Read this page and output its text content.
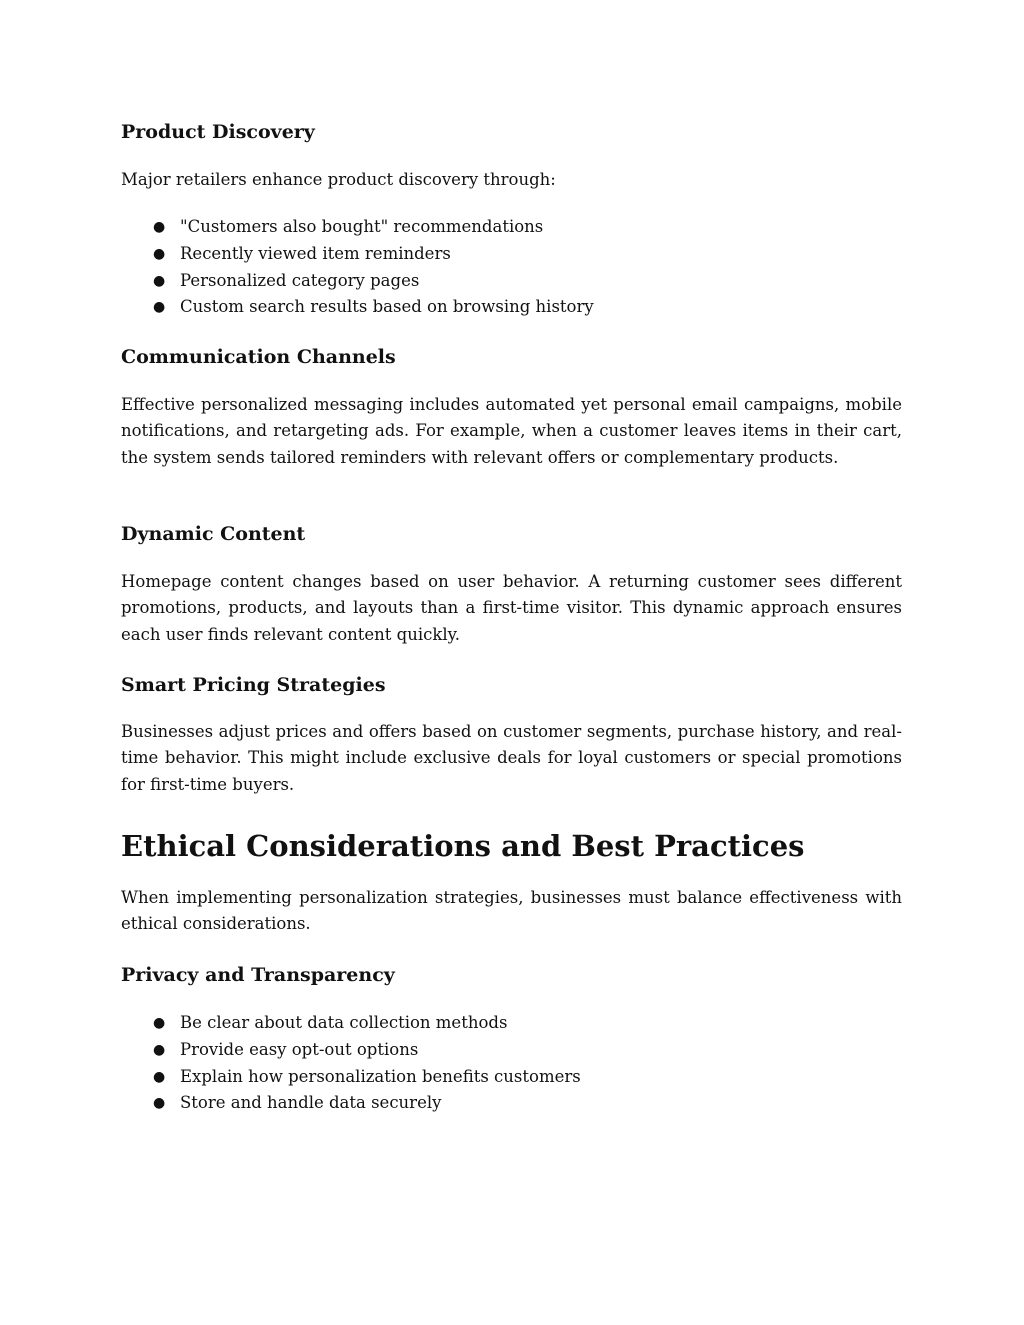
Product Discovery

Major retailers enhance product discovery through:

● "Customers also bought" recommendations
● Recently viewed item reminders
● Personalized category pages
● Custom search results based on browsing history
Communication Channels

Effective personalized messaging includes automated yet personal email campaigns, mobile notifications, and retargeting ads. For example, when a customer leaves items in their cart, the system sends tailored reminders with relevant offers or complementary products.

Dynamic Content

Homepage content changes based on user behavior. A returning customer sees different promotions, products, and layouts than a first-time visitor. This dynamic approach ensures each user finds relevant content quickly.

Smart Pricing Strategies

Businesses adjust prices and offers based on customer segments, purchase history, and real-time behavior. This might include exclusive deals for loyal customers or special promotions for first-time buyers.

Ethical Considerations and Best Practices

When implementing personalization strategies, businesses must balance effectiveness with ethical considerations.

Privacy and Transparency
● Be clear about data collection methods
● Provide easy opt-out options
● Explain how personalization benefits customers
● Store and handle data securely
